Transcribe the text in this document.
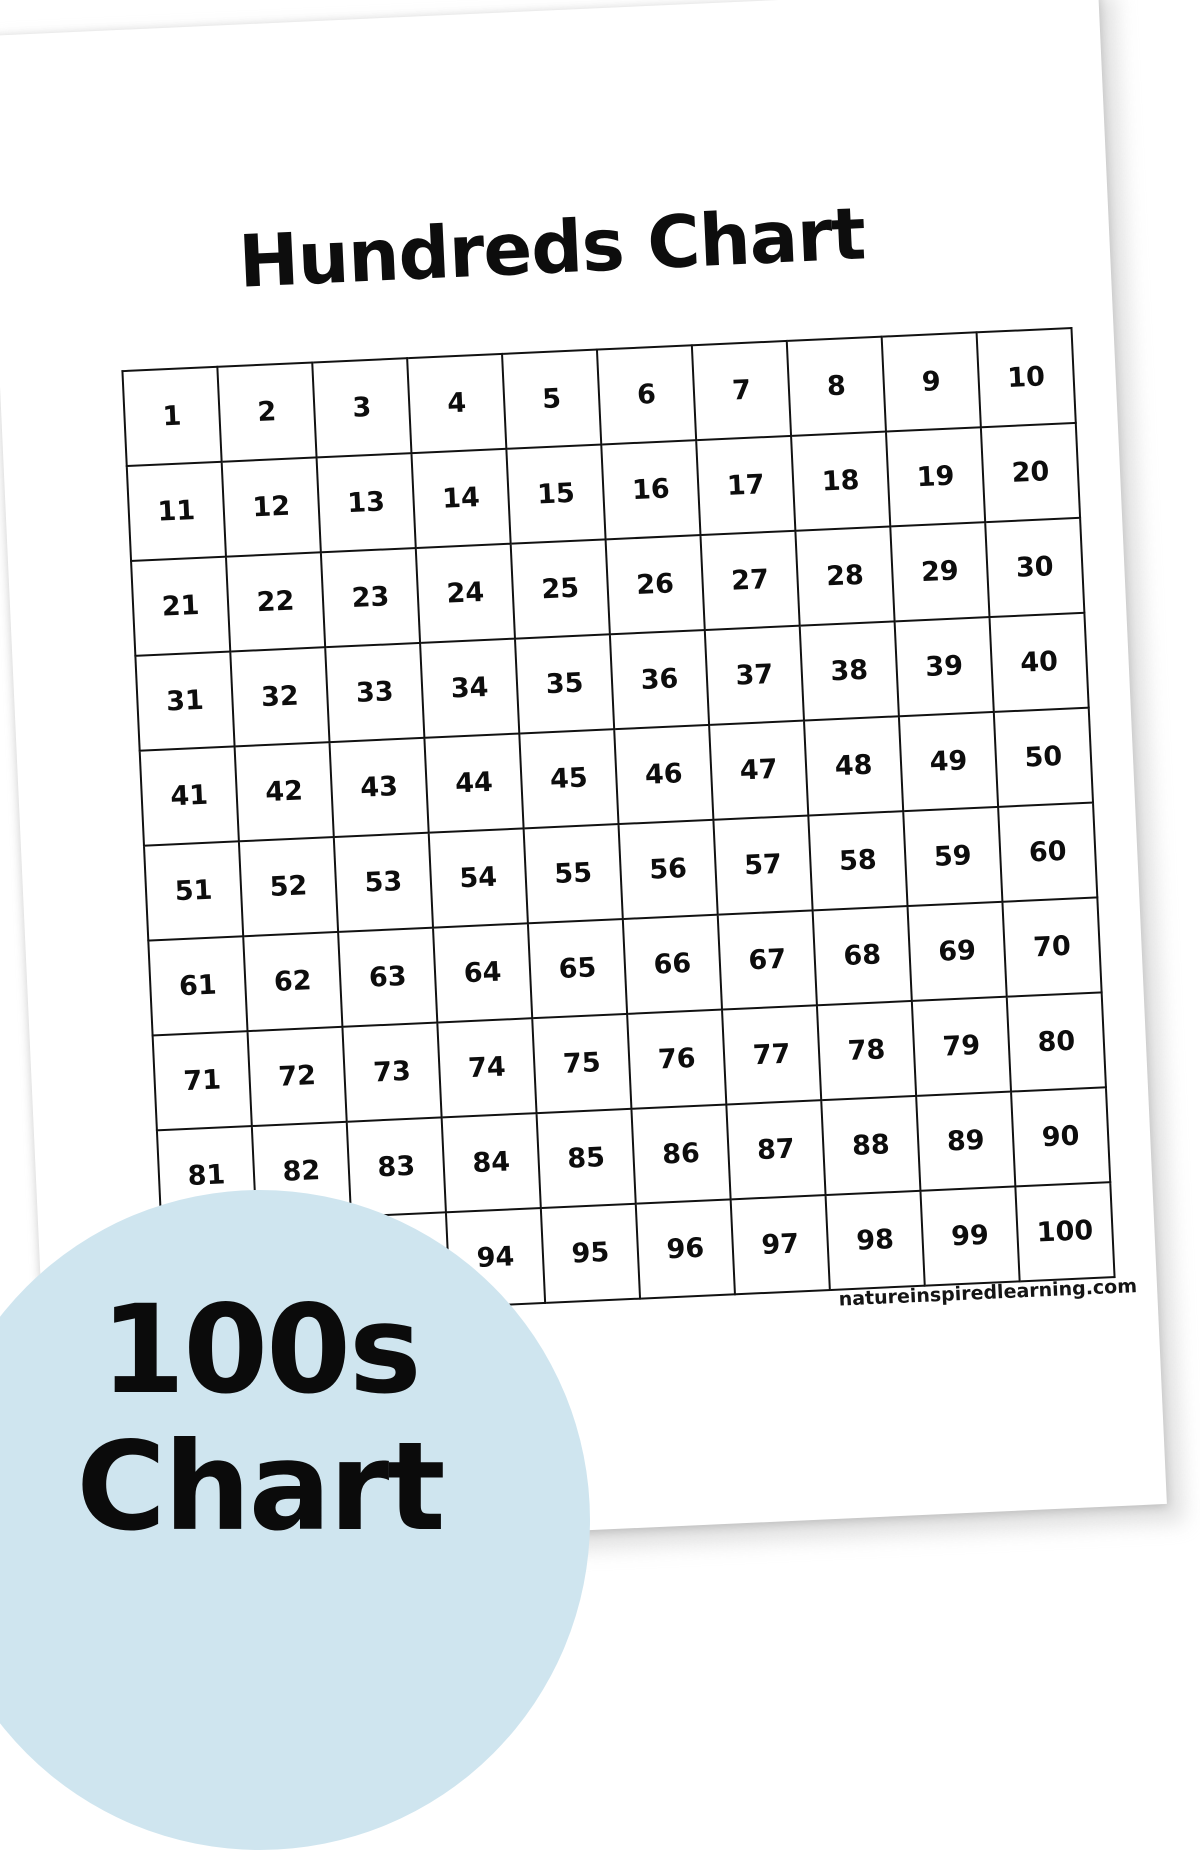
Hundreds Chart
1	2	3	4	5	6	7	8	9	10
11	12	13	14	15	16	17	18	19	20
21	22	23	24	25	26	27	28	29	30
31	32	33	34	35	36	37	38	39	40
41	42	43	44	45	46	47	48	49	50
51	52	53	54	55	56	57	58	59	60
61	62	63	64	65	66	67	68	69	70
71	72	73	74	75	76	77	78	79	80
81	82	83	84	85	86	87	88	89	90
			94	95	96	97	98	99	100
natureinspiredlearning.com
100s
Chart
